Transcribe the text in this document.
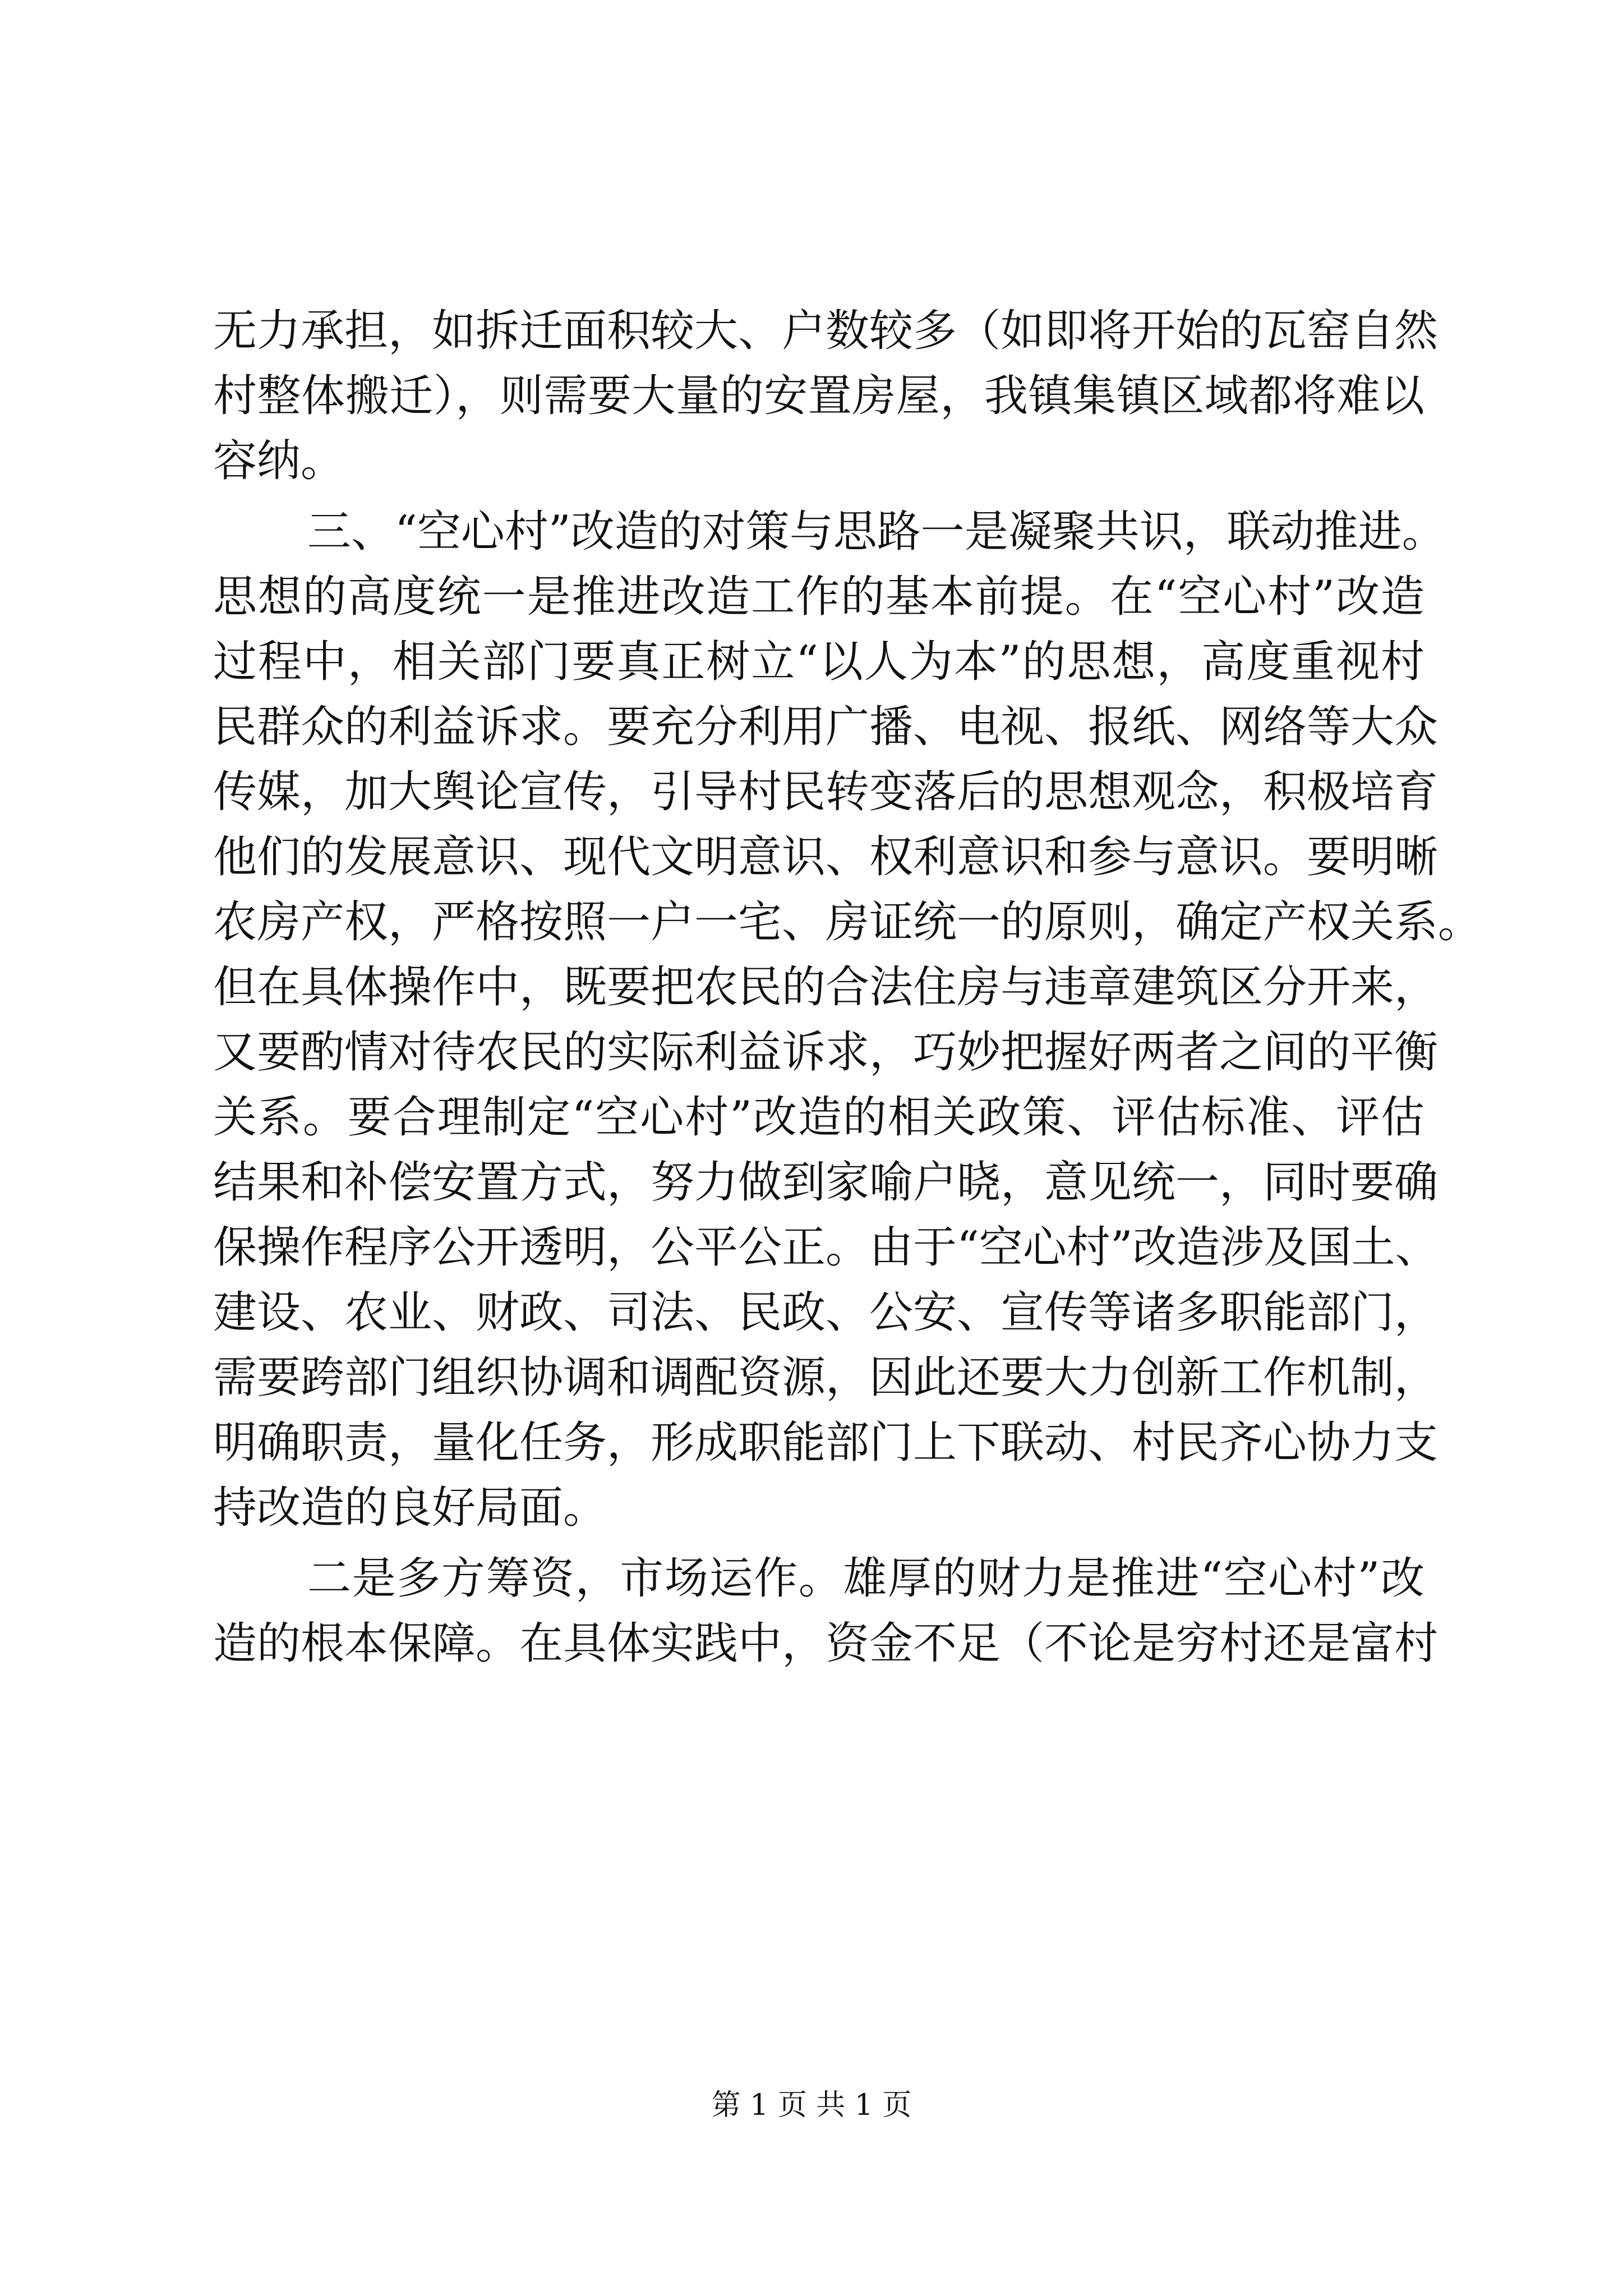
无力承担，如拆迁面积较大、户数较多（如即将开始的瓦窑自然
村整体搬迁），则需要大量的安置房屋，我镇集镇区域都将难以
容纳。
三、“空心村”改造的对策与思路一是凝聚共识，联动推进。
思想的高度统一是推进改造工作的基本前提。在“空心村”改造
过程中，相关部门要真正树立“以人为本”的思想，高度重视村
民群众的利益诉求。要充分利用广播、电视、报纸、网络等大众
传媒，加大舆论宣传，引导村民转变落后的思想观念，积极培育
他们的发展意识、现代文明意识、权利意识和参与意识。要明晰
农房产权，严格按照一户一宅、房证统一的原则，确定产权关系。
但在具体操作中，既要把农民的合法住房与违章建筑区分开来，
又要酌情对待农民的实际利益诉求，巧妙把握好两者之间的平衡
关系。要合理制定“空心村”改造的相关政策、评估标准、评估
结果和补偿安置方式，努力做到家喻户晓，意见统一，同时要确
保操作程序公开透明，公平公正。由于“空心村”改造涉及国土、
建设、农业、财政、司法、民政、公安、宣传等诸多职能部门，
需要跨部门组织协调和调配资源，因此还要大力创新工作机制，
明确职责，量化任务，形成职能部门上下联动、村民齐心协力支
持改造的良好局面。
二是多方筹资，市场运作。雄厚的财力是推进“空心村”改
造的根本保障。在具体实践中，资金不足（不论是穷村还是富村
第 1 页 共 1 页
